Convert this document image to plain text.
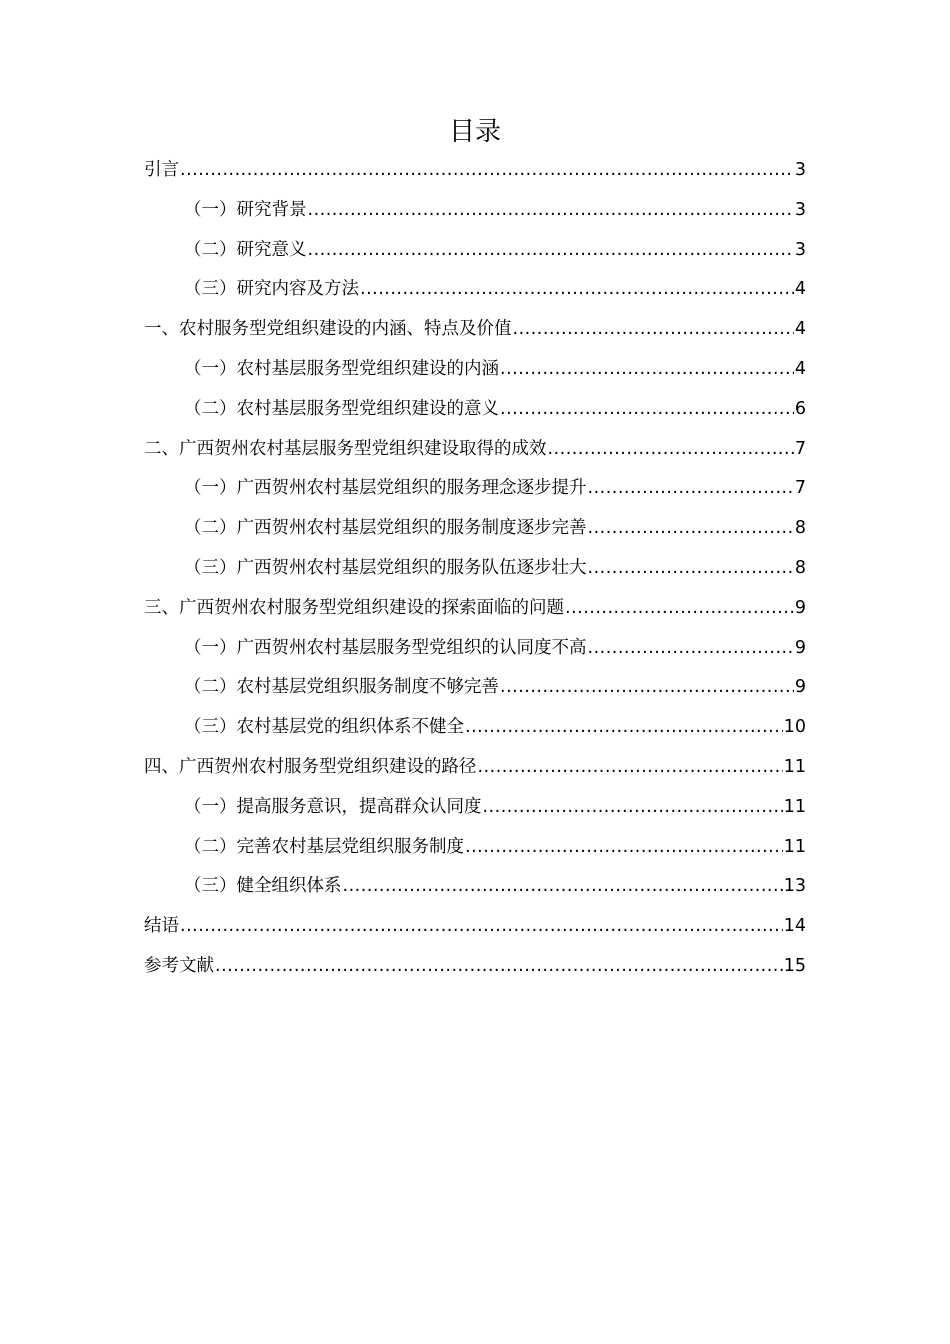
目录
引言 .....	3
（一）研究背景 .....	3
（二）研究意义 .....	3
（三）研究内容及方法 .....	4
一、农村服务型党组织建设的内涵、特点及价值 .....	4
（一）农村基层服务型党组织建设的内涵 .....	4
（二）农村基层服务型党组织建设的意义 .....	6
二、广西贺州农村基层服务型党组织建设取得的成效 .....	7
（一）广西贺州农村基层党组织的服务理念逐步提升 .....	7
（二）广西贺州农村基层党组织的服务制度逐步完善 .....	8
（三）广西贺州农村基层党组织的服务队伍逐步壮大 .....	8
三、广西贺州农村服务型党组织建设的探索面临的问题 .....	9
（一）广西贺州农村基层服务型党组织的认同度不高 .....	9
（二）农村基层党组织服务制度不够完善 .....	9
（三）农村基层党的组织体系不健全 .....	10
四、广西贺州农村服务型党组织建设的路径 .....	11
（一）提高服务意识，提高群众认同度 .....	11
（二）完善农村基层党组织服务制度 .....	11
（三）健全组织体系 .....	13
结语 .....	14
参考文献 .....	15
